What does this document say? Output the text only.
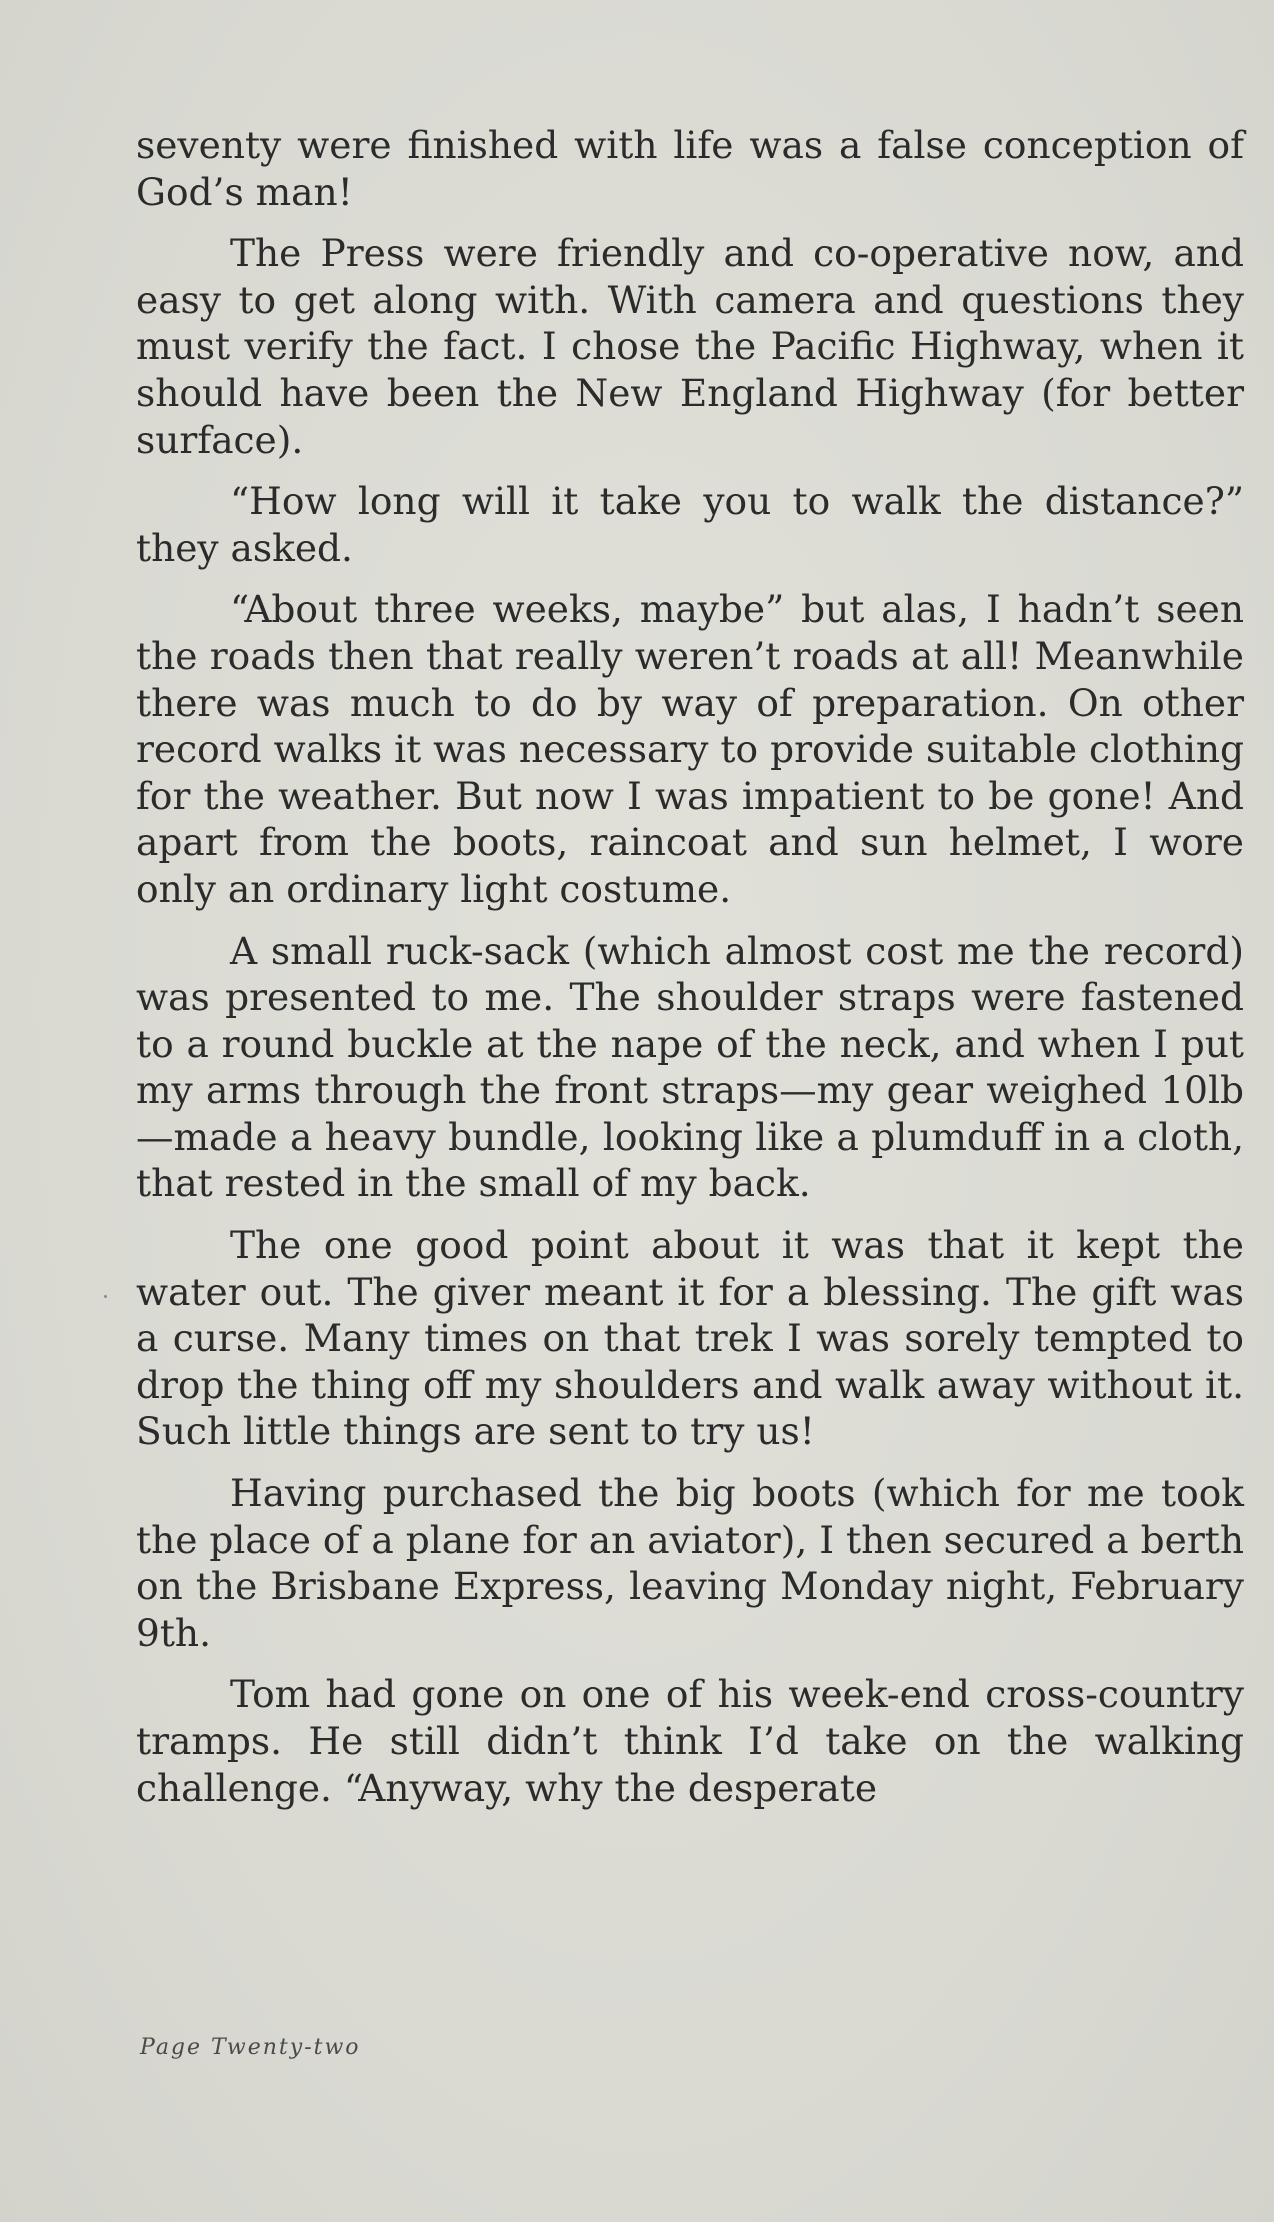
seventy were finished with life was a false conception of God’s man!

The Press were friendly and co-operative now, and easy to get along with. With camera and questions they must verify the fact. I chose the Pacific Highway, when it should have been the New England Highway (for better surface).

“How long will it take you to walk the distance?” they asked.

“About three weeks, maybe” but alas, I hadn’t seen the roads then that really weren’t roads at all! Meanwhile there was much to do by way of preparation. On other record walks it was necessary to provide suitable clothing for the weather. But now I was impatient to be gone! And apart from the boots, raincoat and sun helmet, I wore only an ordinary light costume.

A small ruck-sack (which almost cost me the record) was presented to me. The shoulder straps were fastened to a round buckle at the nape of the neck, and when I put my arms through the front straps—my gear weighed 10lb—made a heavy bundle, looking like a plumduff in a cloth, that rested in the small of my back.

The one good point about it was that it kept the water out. The giver meant it for a blessing. The gift was a curse. Many times on that trek I was sorely tempted to drop the thing off my shoulders and walk away without it. Such little things are sent to try us!

Having purchased the big boots (which for me took the place of a plane for an aviator), I then secured a berth on the Brisbane Express, leaving Monday night, February 9th.

Tom had gone on one of his week-end cross-country tramps. He still didn’t think I’d take on the walking challenge. “Anyway, why the desperate

Page Twenty-two
